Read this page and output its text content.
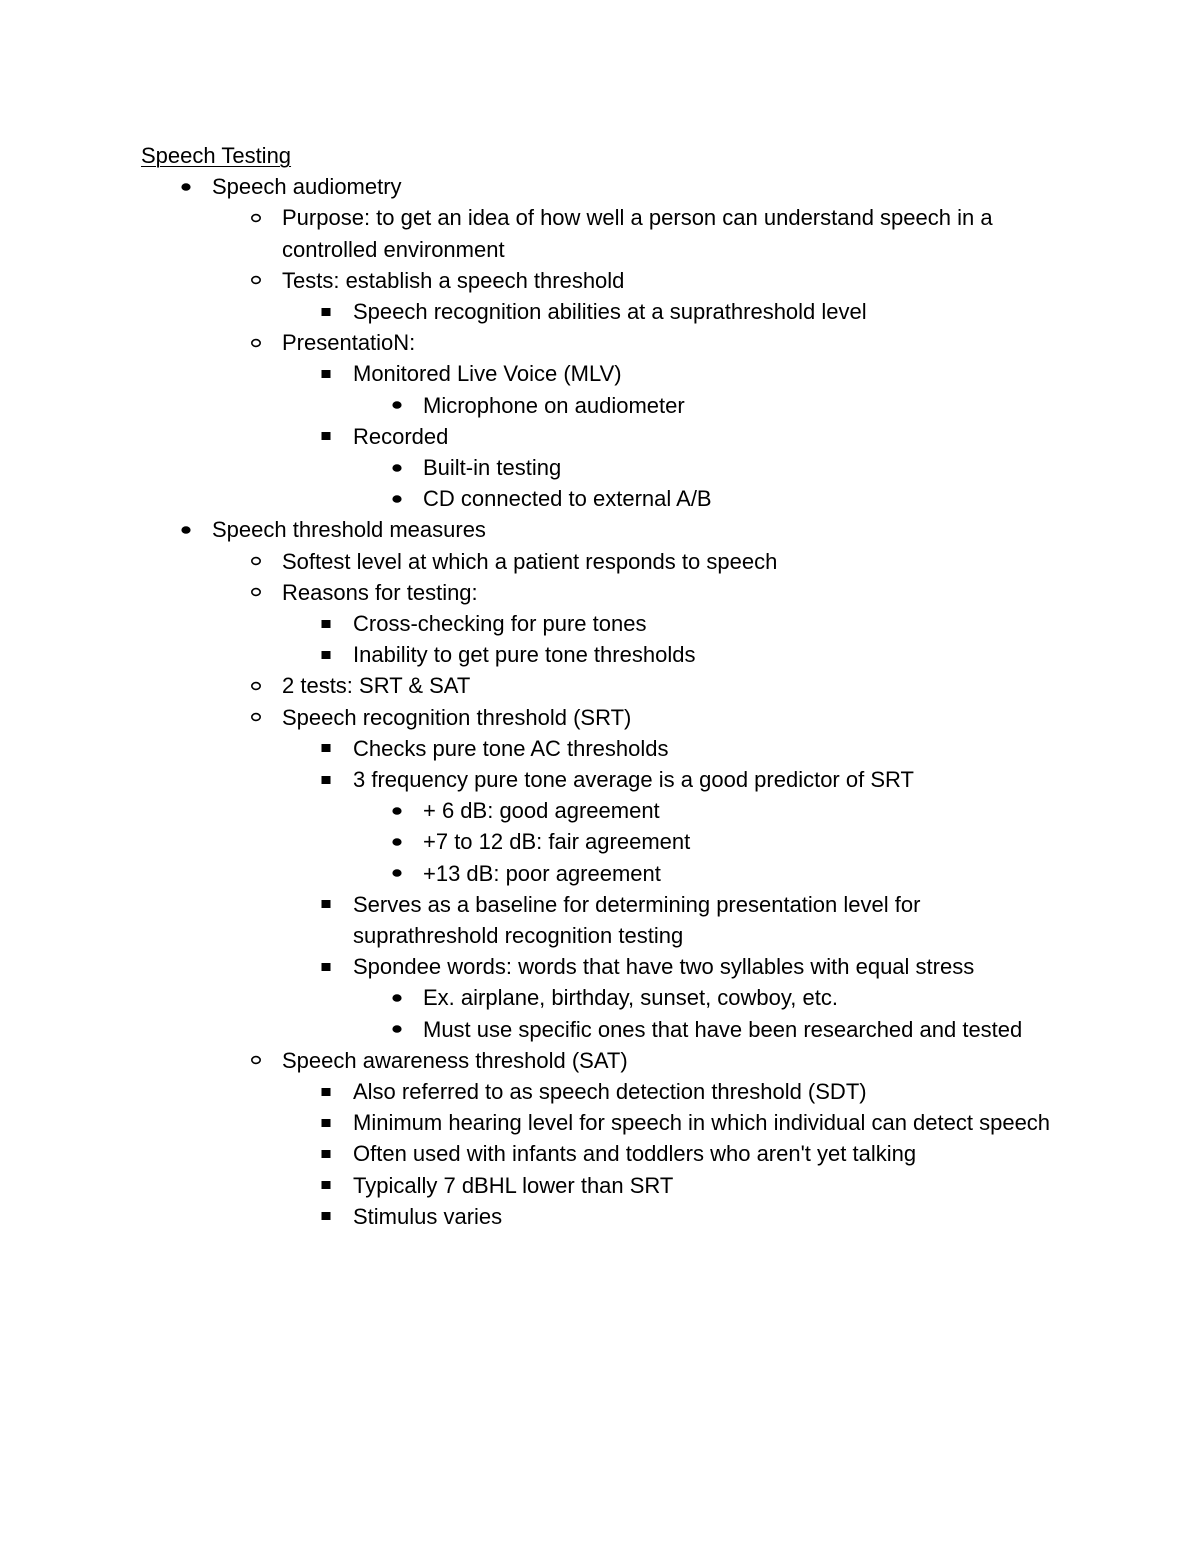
Speech Testing

Speech audiometry
Purpose: to get an idea of how well a person can understand speech in a controlled environment
Tests: establish a speech threshold
Speech recognition abilities at a suprathreshold level
PresentatioN:
Monitored Live Voice (MLV)
Microphone on audiometer
Recorded
Built-in testing
CD connected to external A/B
Speech threshold measures
Softest level at which a patient responds to speech
Reasons for testing:
Cross-checking for pure tones
Inability to get pure tone thresholds
2 tests: SRT & SAT
Speech recognition threshold (SRT)
Checks pure tone AC thresholds
3 frequency pure tone average is a good predictor of SRT
+ 6 dB: good agreement
+7 to 12 dB: fair agreement
+13 dB: poor agreement
Serves as a baseline for determining presentation level for suprathreshold recognition testing
Spondee words: words that have two syllables with equal stress
Ex. airplane, birthday, sunset, cowboy, etc.
Must use specific ones that have been researched and tested
Speech awareness threshold (SAT)
Also referred to as speech detection threshold (SDT)
Minimum hearing level for speech in which individual can detect speech
Often used with infants and toddlers who aren't yet talking
Typically 7 dBHL lower than SRT
Stimulus varies
